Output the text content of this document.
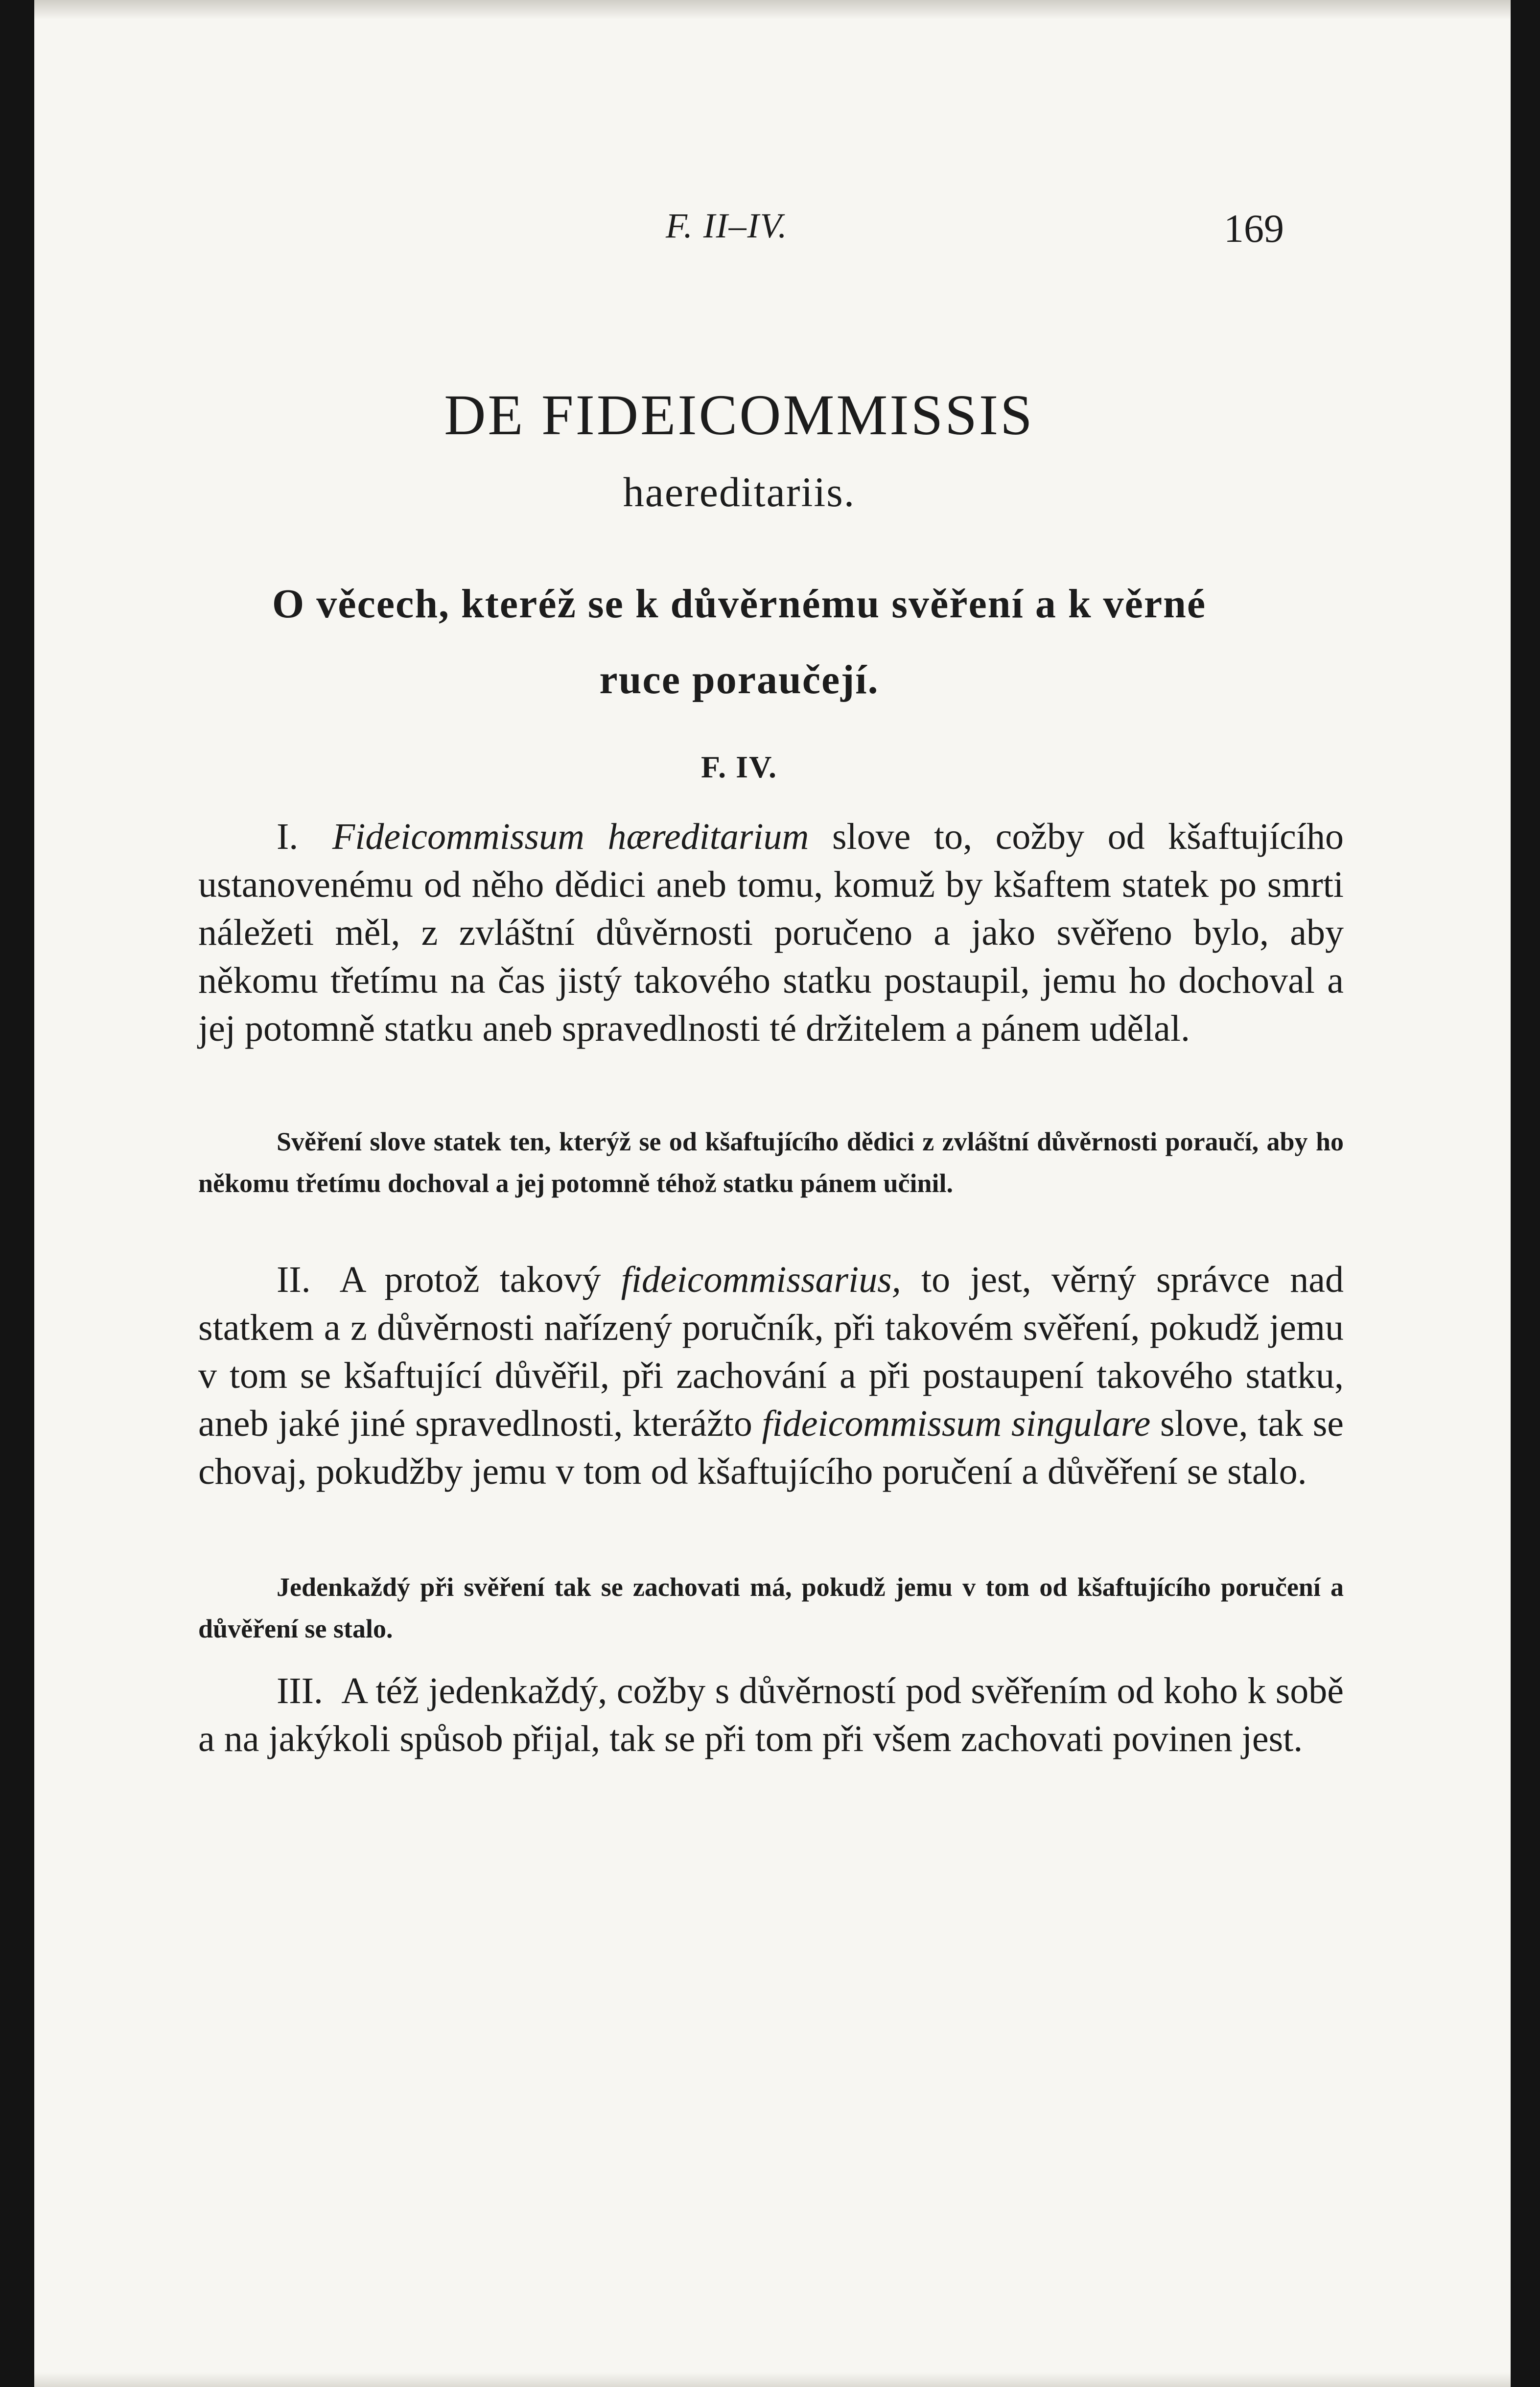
F. II–IV.	169
DE FIDEICOMMISSIS
haereditariis.
O věcech, kteréž se k důvěrnému svěření a k věrné
ruce poraučejí.
F. IV.
I. Fideicommissum hæreditarium slove to, cožby od kšaftujícího ustanovenému od něho dědici aneb tomu, komuž by kšaftem statek po smrti náležeti měl, z zvláštní důvěrnosti poručeno a jako svěřeno bylo, aby někomu třetímu na čas jistý takového statku postaupil, jemu ho dochoval a jej potomně statku aneb spravedlnosti té držitelem a pánem udělal.
Svěření slove statek ten, kterýž se od kšaftujícího dědici z zvláštní důvěrnosti poraučí, aby ho někomu třetímu dochoval a jej potomně téhož statku pánem učinil.
II. A protož takový fideicommissarius, to jest, věrný správce nad statkem a z důvěrnosti nařízený poručník, při takovém svěření, pokudž jemu v tom se kšaftující důvěřil, při zachování a při postaupení takového statku, aneb jaké jiné spravedlnosti, kterážto fideicommissum singulare slove, tak se chovaj, pokudžby jemu v tom od kšaftujícího poručení a důvěření se stalo.
Jedenkaždý při svěření tak se zachovati má, pokudž jemu v tom od kšaftujícího poručení a důvěření se stalo.
III. A též jedenkaždý, cožby s důvěrností pod svěřením od koho k sobě a na jakýkoli spůsob přijal, tak se při tom při všem zachovati povinen jest.
